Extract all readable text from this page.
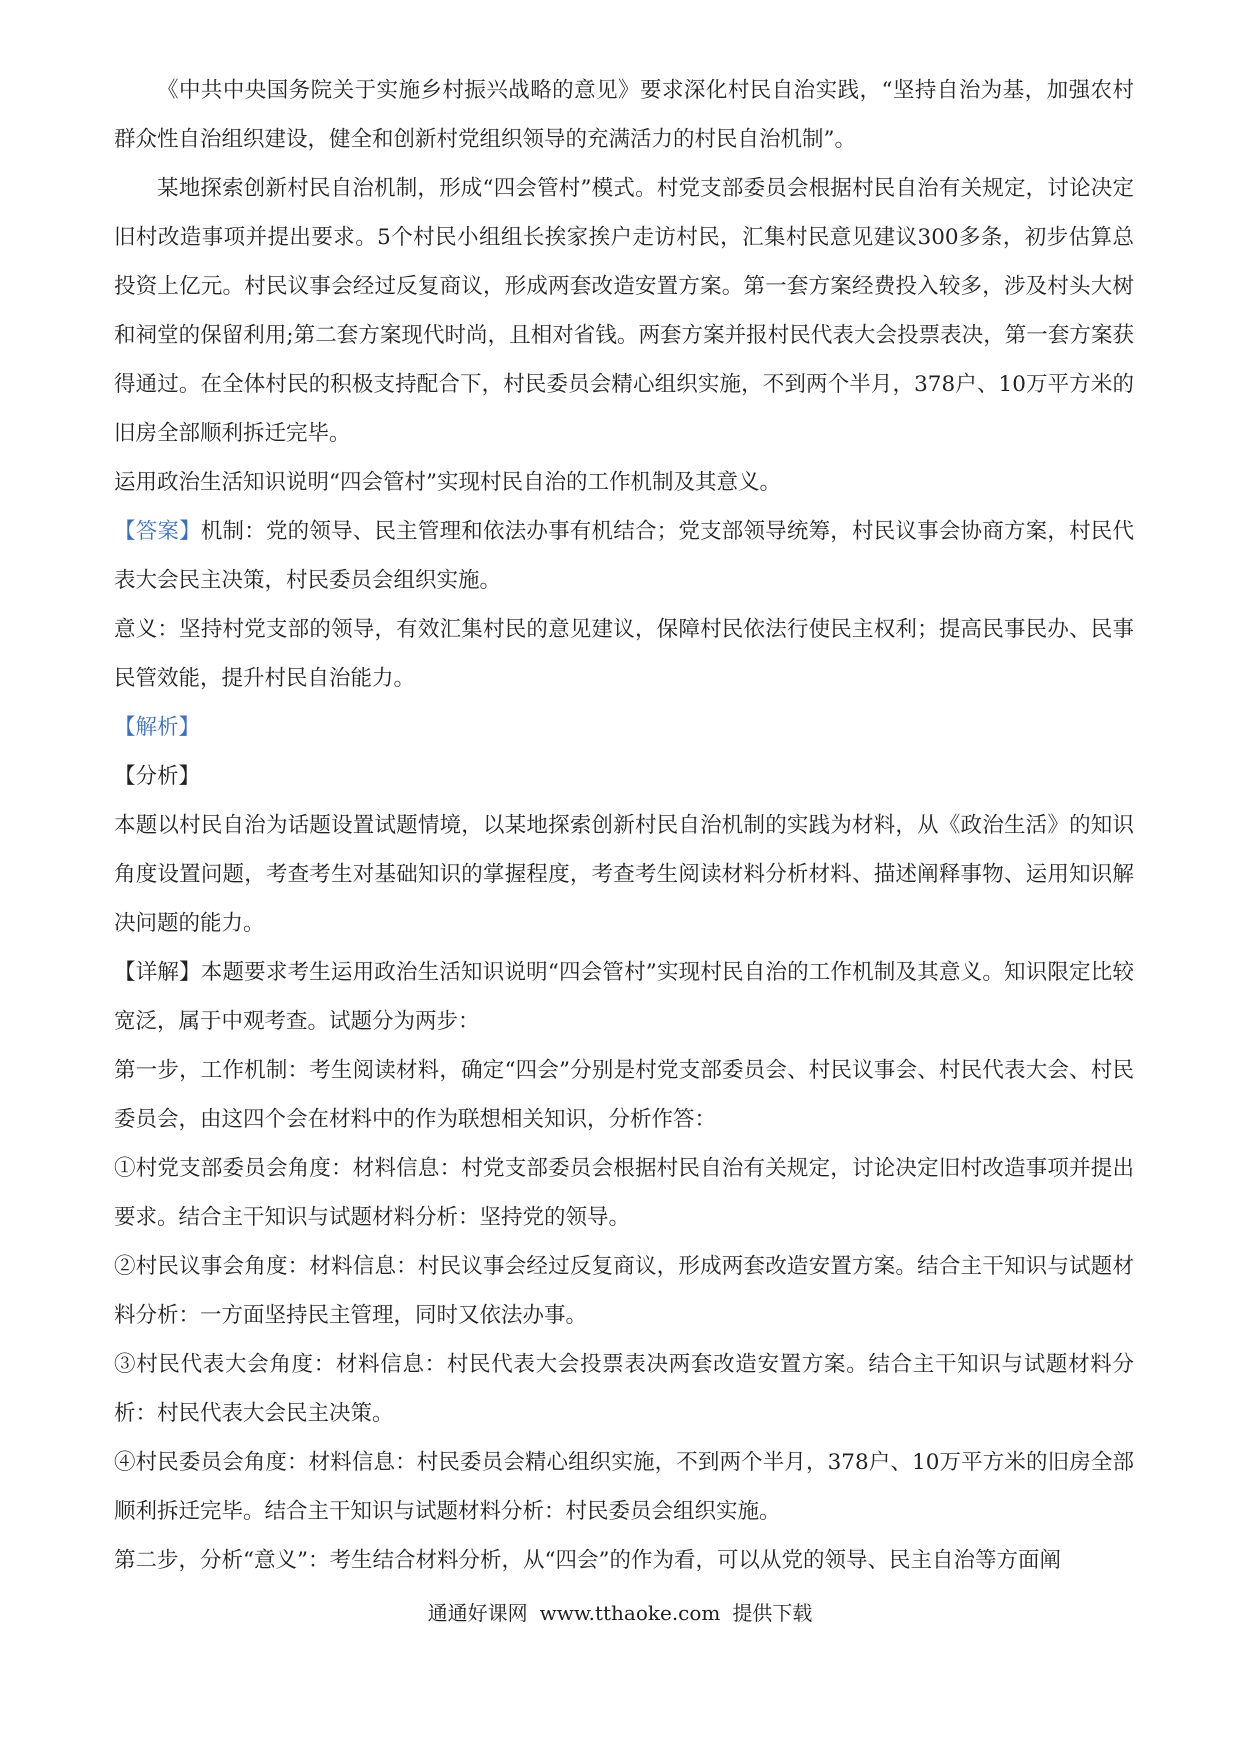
《中共中央国务院关于实施乡村振兴战略的意见》要求深化村民自治实践，“坚持自治为基，加强农村群众性自治组织建设，健全和创新村党组织领导的充满活力的村民自治机制”。

某地探索创新村民自治机制，形成“四会管村”模式。村党支部委员会根据村民自治有关规定，讨论决定旧村改造事项并提出要求。5个村民小组组长挨家挨户走访村民，汇集村民意见建议300多条，初步估算总投资上亿元。村民议事会经过反复商议，形成两套改造安置方案。第一套方案经费投入较多，涉及村头大树和祠堂的保留利用;第二套方案现代时尚，且相对省钱。两套方案并报村民代表大会投票表决，第一套方案获得通过。在全体村民的积极支持配合下，村民委员会精心组织实施，不到两个半月，378户、10万平方米的旧房全部顺利拆迁完毕。

运用政治生活知识说明“四会管村”实现村民自治的工作机制及其意义。

【答案】机制：党的领导、民主管理和依法办事有机结合；党支部领导统筹，村民议事会协商方案，村民代表大会民主决策，村民委员会组织实施。

意义：坚持村党支部的领导，有效汇集村民的意见建议，保障村民依法行使民主权利；提高民事民办、民事民管效能，提升村民自治能力。

【解析】

【分析】

本题以村民自治为话题设置试题情境，以某地探索创新村民自治机制的实践为材料，从《政治生活》的知识角度设置问题，考查考生对基础知识的掌握程度，考查考生阅读材料分析材料、描述阐释事物、运用知识解决问题的能力。

【详解】本题要求考生运用政治生活知识说明“四会管村”实现村民自治的工作机制及其意义。知识限定比较宽泛，属于中观考查。试题分为两步：

第一步，工作机制：考生阅读材料，确定“四会”分别是村党支部委员会、村民议事会、村民代表大会、村民委员会，由这四个会在材料中的作为联想相关知识，分析作答：

①村党支部委员会角度：材料信息：村党支部委员会根据村民自治有关规定，讨论决定旧村改造事项并提出要求。结合主干知识与试题材料分析：坚持党的领导。

②村民议事会角度：材料信息：村民议事会经过反复商议，形成两套改造安置方案。结合主干知识与试题材料分析：一方面坚持民主管理，同时又依法办事。

③村民代表大会角度：材料信息：村民代表大会投票表决两套改造安置方案。结合主干知识与试题材料分析：村民代表大会民主决策。

④村民委员会角度：材料信息：村民委员会精心组织实施，不到两个半月，378户、10万平方米的旧房全部顺利拆迁完毕。结合主干知识与试题材料分析：村民委员会组织实施。

第二步，分析“意义”：考生结合材料分析，从“四会”的作为看，可以从党的领导、民主自治等方面阐

通通好课网 www.tthaoke.com 提供下载
